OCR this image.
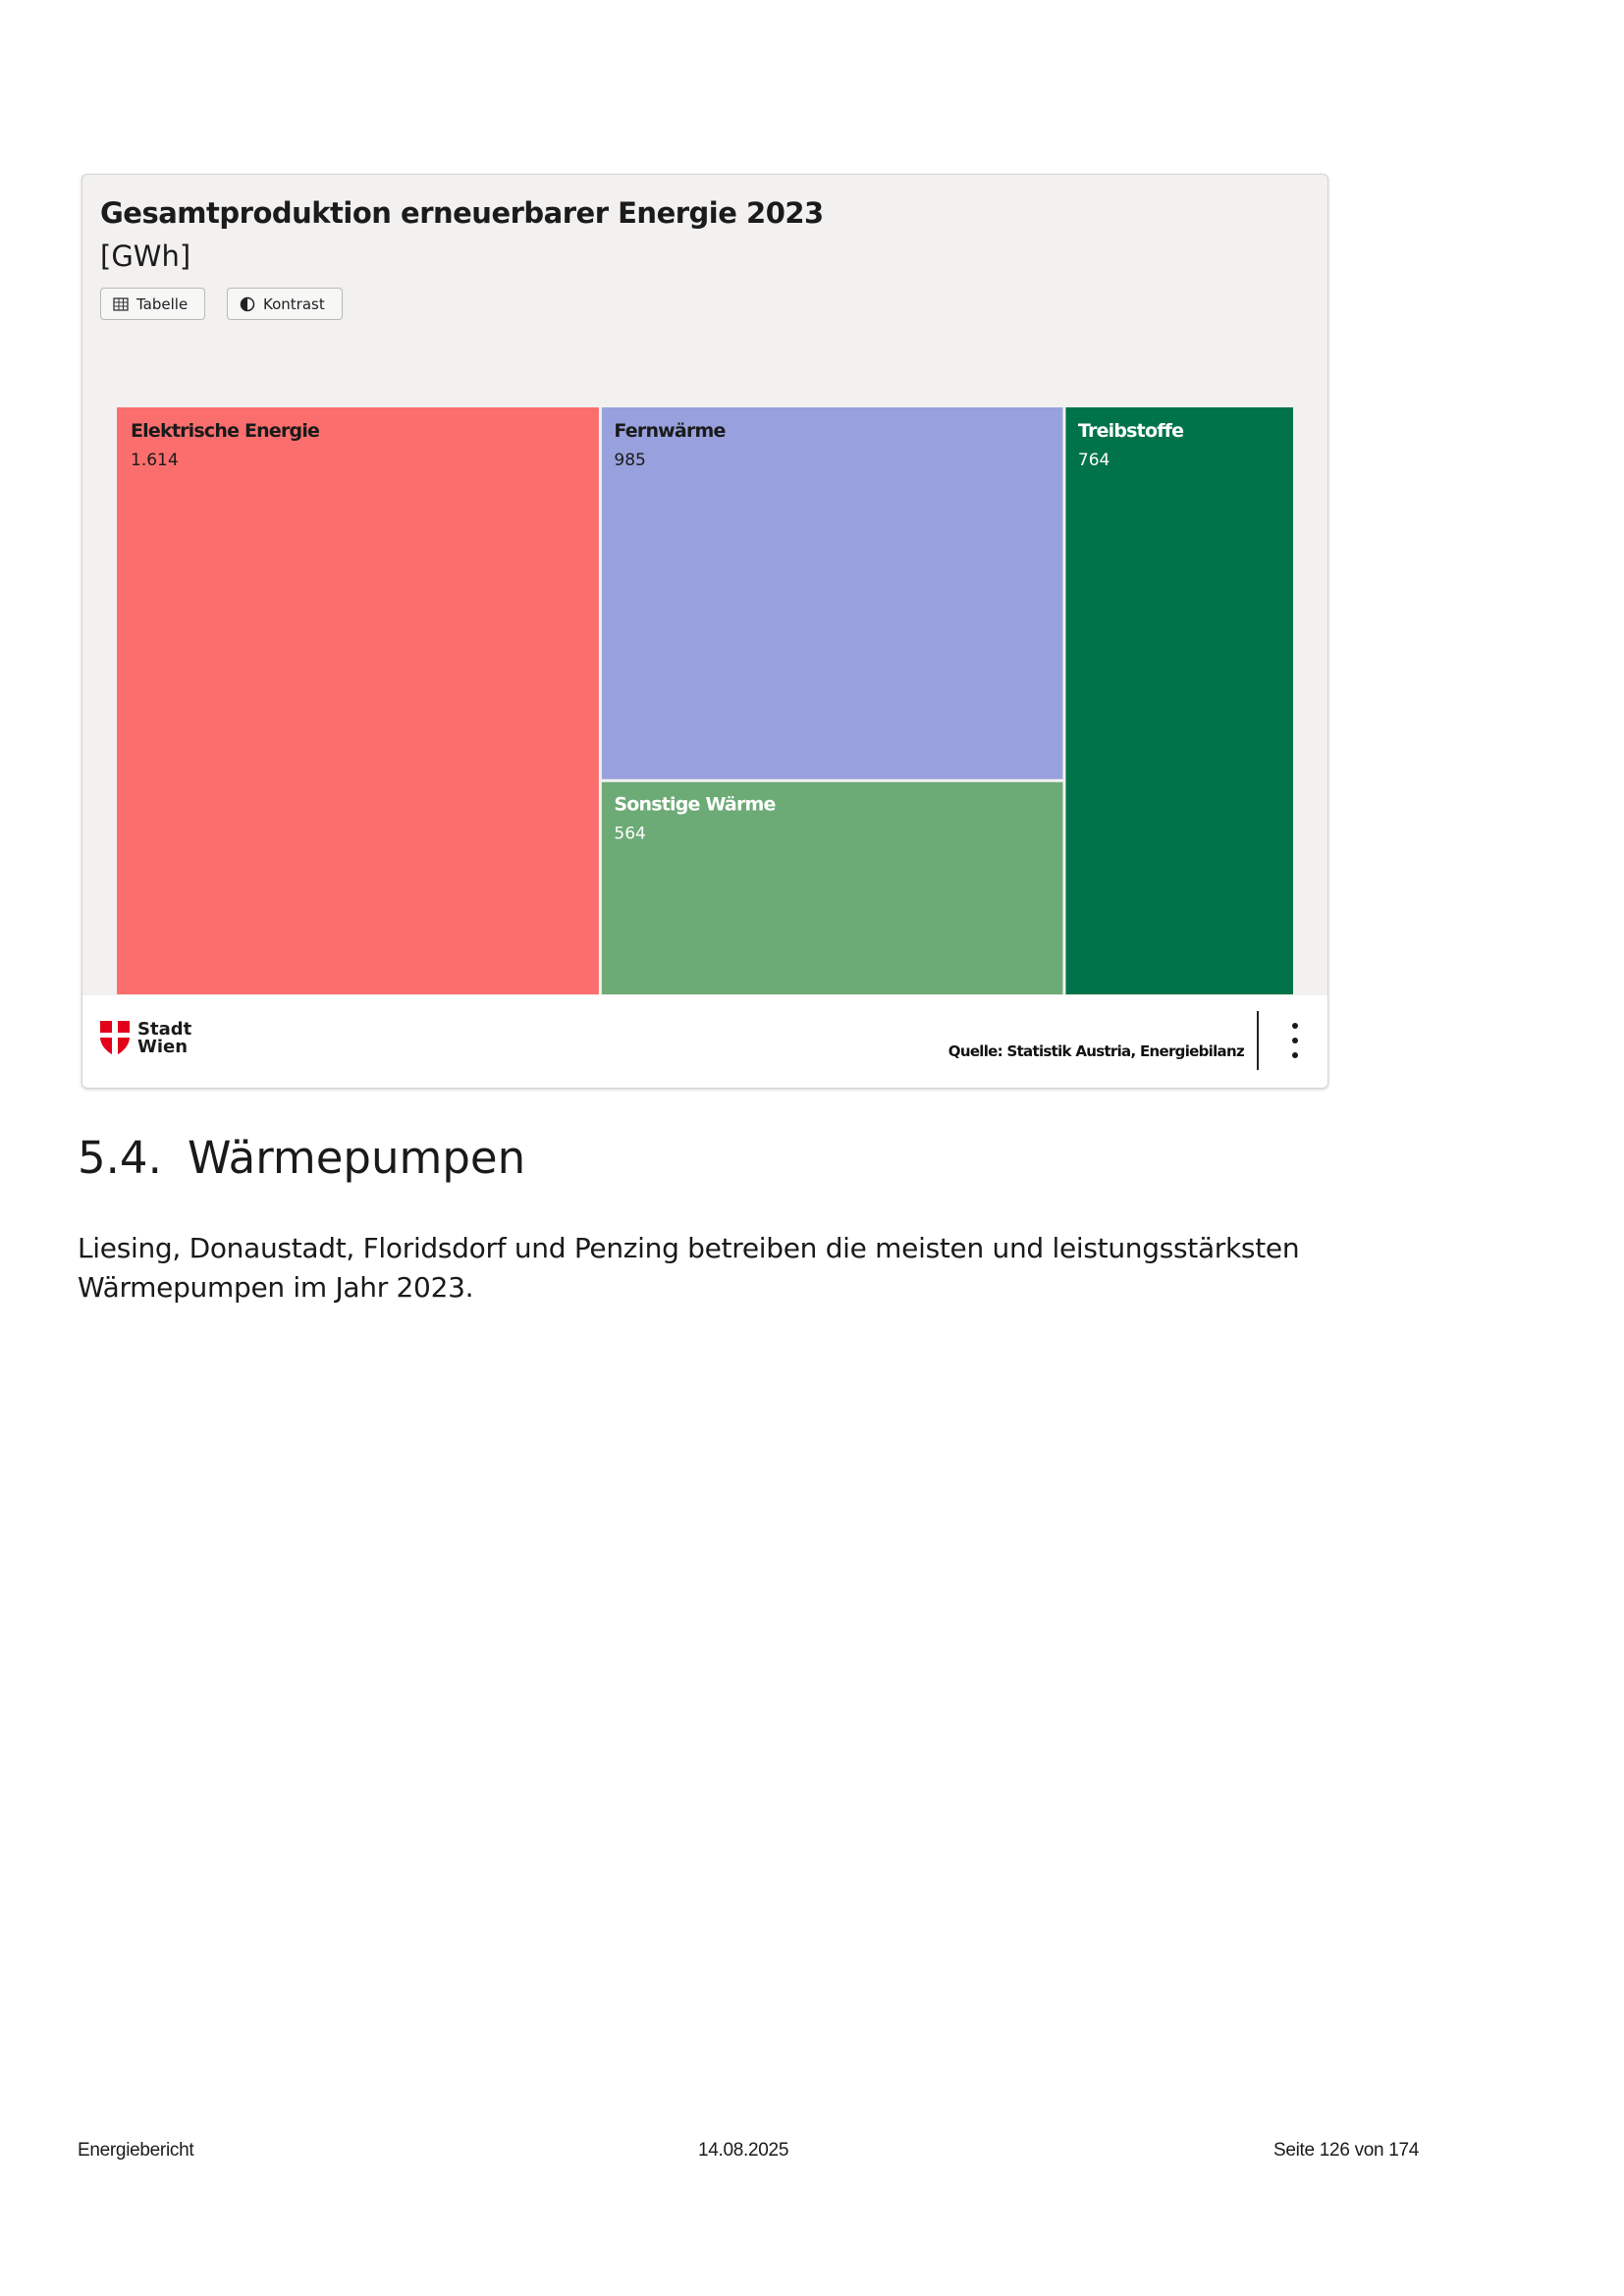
Gesamtproduktion erneuerbarer Energie 2023
[GWh]
Tabelle	Kontrast
Elektrische Energie
1.614
Fernwärme
985
Sonstige Wärme
564
Treibstoffe
764
Stadt
Wien	Quelle: Statistik Austria, Energiebilanz
5.4. Wärmepumpen

Liesing, Donaustadt, Floridsdorf und Penzing betreiben die meisten und leistungsstärksten Wärmepumpen im Jahr 2023.

Energiebericht	14.08.2025	Seite 126 von 174
